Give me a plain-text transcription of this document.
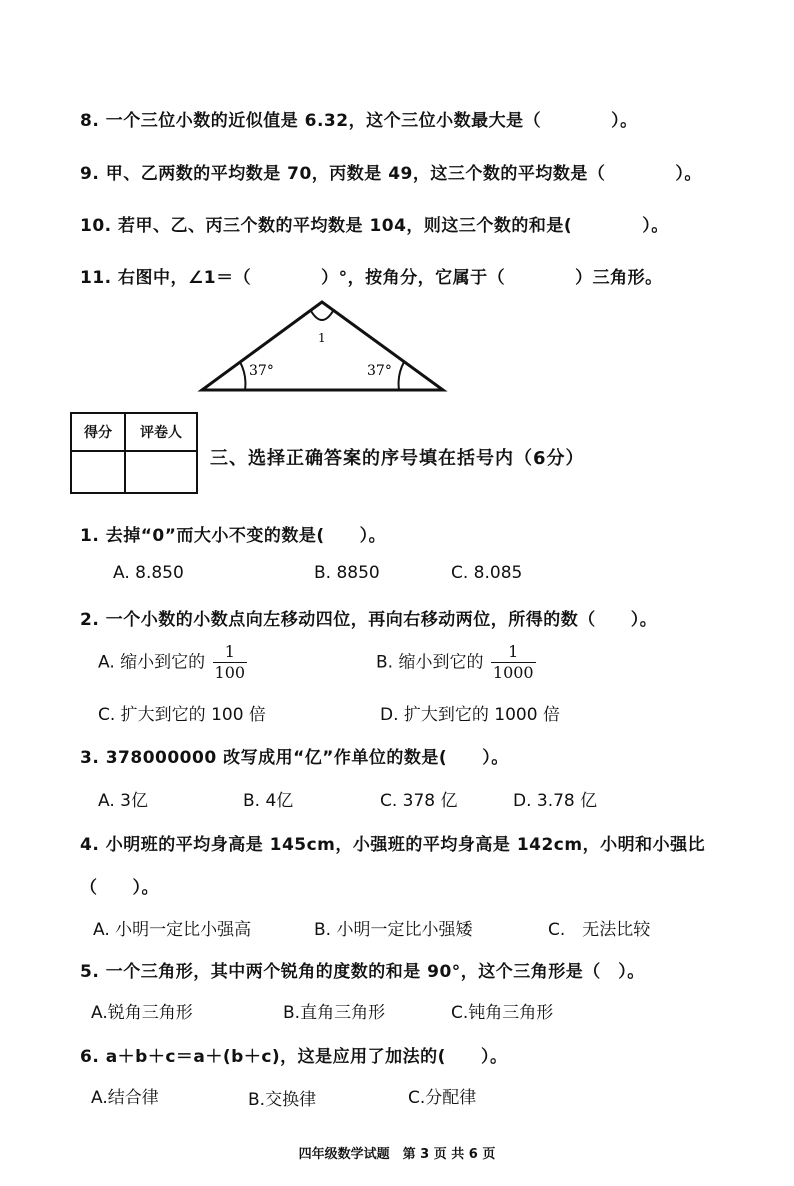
8. 一个三位小数的近似值是 6.32，这个三位小数最大是（　　　　）。
9. 甲、乙两数的平均数是 70，丙数是 49，这三个数的平均数是（　　　　）。
10. 若甲、乙、丙三个数的平均数是 104，则这三个数的和是(　　　　）。
11. 右图中，∠1＝（　　　　）°，按角分，它属于（　　　　）三角形。
1
37°	37°
得分	评卷人

三、选择正确答案的序号填在括号内（6分）
1. 去掉“0”而大小不变的数是(　　）。
A. 8.850	B. 8850	C. 8.085
2. 一个小数的小数点向左移动四位，再向右移动两位，所得的数（　　）。
A. 缩小到它的 $\frac{1}{100}$	B. 缩小到它的 $\frac{1}{1000}$
C. 扩大到它的 100 倍	D. 扩大到它的 1000 倍
3. 378000000 改写成用“亿”作单位的数是(　　）。
A. 3亿	B. 4亿	C. 378 亿	D. 3.78 亿
4. 小明班的平均身高是 145cm，小强班的平均身高是 142cm，小明和小强比
（　　）。
A. 小明一定比小强高	B. 小明一定比小强矮	C.　无法比较
5. 一个三角形，其中两个锐角的度数的和是 90°，这个三角形是（　）。
A.锐角三角形	B.直角三角形	C.钝角三角形
6. a＋b＋c＝a＋(b＋c)，这是应用了加法的(　　）。
A.结合律	B.交换律	C.分配律
四年级数学试题　第 3 页 共 6 页
